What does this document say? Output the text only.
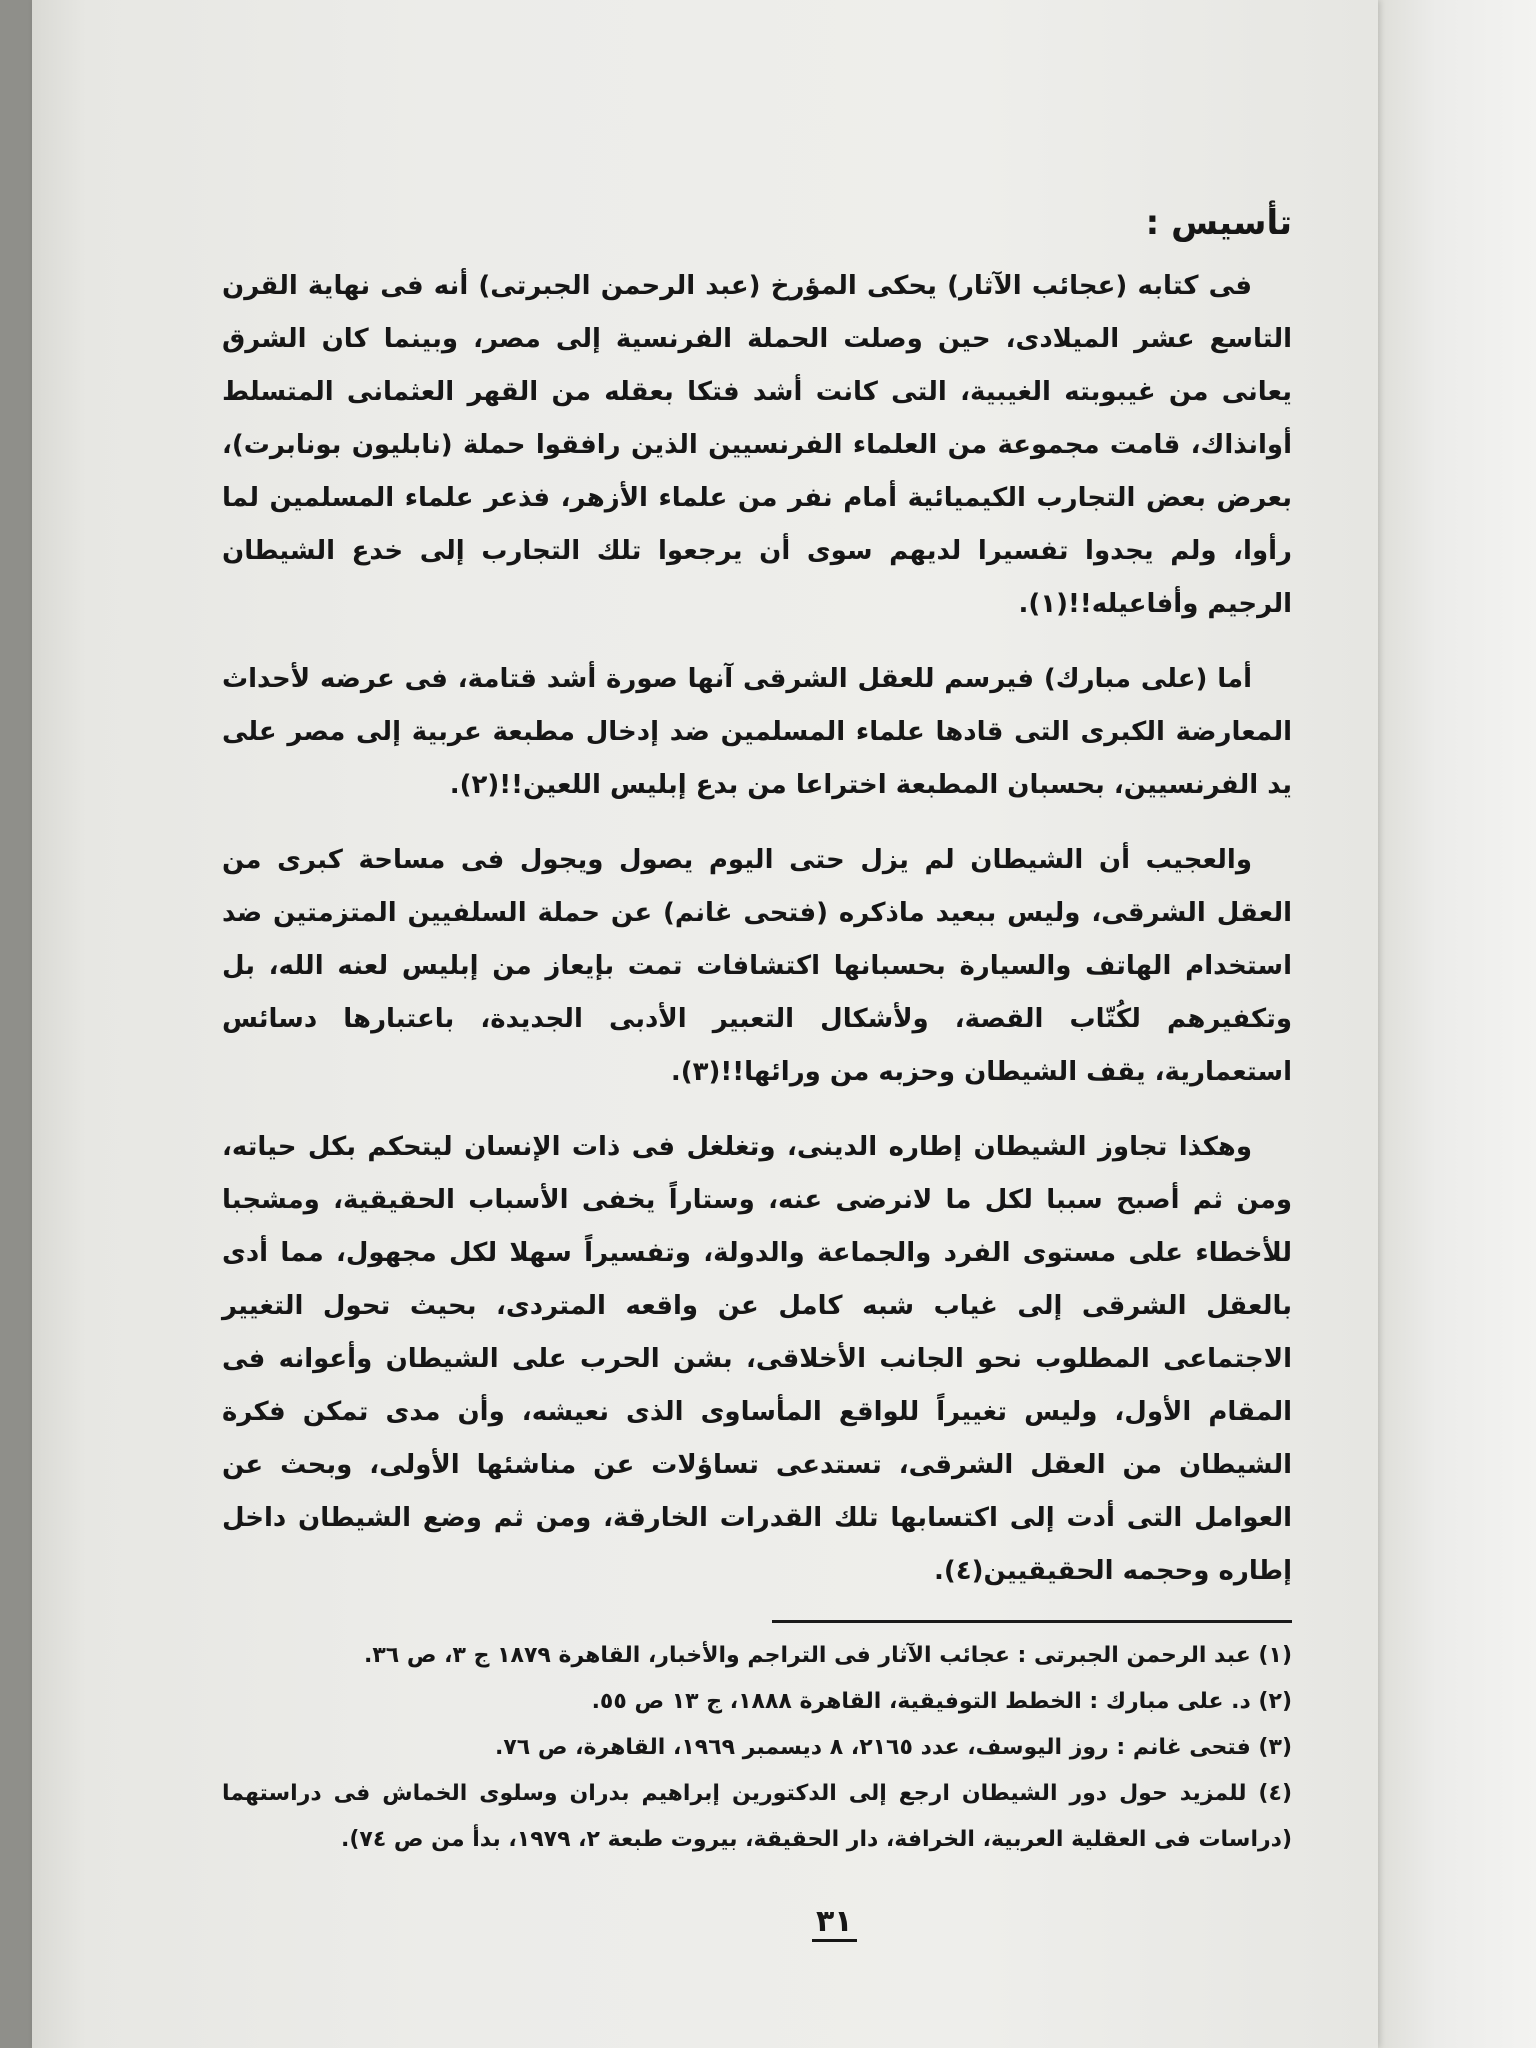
تأسيس :

فى كتابه (عجائب الآثار) يحكى المؤرخ (عبد الرحمن الجبرتى) أنه فى نهاية القرن التاسع عشر الميلادى، حين وصلت الحملة الفرنسية إلى مصر، وبينما كان الشرق يعانى من غيبوبته الغيبية، التى كانت أشد فتكا بعقله من القهر العثمانى المتسلط أوانذاك، قامت مجموعة من العلماء الفرنسيين الذين رافقوا حملة (نابليون بونابرت)، بعرض بعض التجارب الكيميائية أمام نفر من علماء الأزهر، فذعر علماء المسلمين لما رأوا، ولم يجدوا تفسيرا لديهم سوى أن يرجعوا تلك التجارب إلى خدع الشيطان الرجيم وأفاعيله!!(١).

أما (على مبارك) فيرسم للعقل الشرقى آنها صورة أشد قتامة، فى عرضه لأحداث المعارضة الكبرى التى قادها علماء المسلمين ضد إدخال مطبعة عربية إلى مصر على يد الفرنسيين، بحسبان المطبعة اختراعا من بدع إبليس اللعين!!(٢).

والعجيب أن الشيطان لم يزل حتى اليوم يصول ويجول فى مساحة كبرى من العقل الشرقى، وليس ببعيد ماذكره (فتحى غانم) عن حملة السلفيين المتزمتين ضد استخدام الهاتف والسيارة بحسبانها اكتشافات تمت بإيعاز من إبليس لعنه الله، بل وتكفيرهم لكُتّاب القصة، ولأشكال التعبير الأدبى الجديدة، باعتبارها دسائس استعمارية، يقف الشيطان وحزبه من ورائها!!(٣).

وهكذا تجاوز الشيطان إطاره الدينى، وتغلغل فى ذات الإنسان ليتحكم بكل حياته، ومن ثم أصبح سببا لكل ما لانرضى عنه، وستاراً يخفى الأسباب الحقيقية، ومشجبا للأخطاء على مستوى الفرد والجماعة والدولة، وتفسيراً سهلا لكل مجهول، مما أدى بالعقل الشرقى إلى غياب شبه كامل عن واقعه المتردى، بحيث تحول التغيير الاجتماعى المطلوب نحو الجانب الأخلاقى، بشن الحرب على الشيطان وأعوانه فى المقام الأول، وليس تغييراً للواقع المأساوى الذى نعيشه، وأن مدى تمكن فكرة الشيطان من العقل الشرقى، تستدعى تساؤلات عن مناشئها الأولى، وبحث عن العوامل التى أدت إلى اكتسابها تلك القدرات الخارقة، ومن ثم وضع الشيطان داخل إطاره وحجمه الحقيقيين(٤).

(١) عبد الرحمن الجبرتى : عجائب الآثار فى التراجم والأخبار، القاهرة ١٨٧٩ ج ٣، ص ٣٦.

(٢) د. على مبارك : الخطط التوفيقية، القاهرة ١٨٨٨، ج ١٣ ص ٥٥.

(٣) فتحى غانم : روز اليوسف، عدد ٢١٦٥، ٨ ديسمبر ١٩٦٩، القاهرة، ص ٧٦.

(٤) للمزيد حول دور الشيطان ارجع إلى الدكتورين إبراهيم بدران وسلوى الخماش فى دراستهما (دراسات فى العقلية العربية، الخرافة، دار الحقيقة، بيروت طبعة ٢، ١٩٧٩، بدأ من ص ٧٤).

٣١
